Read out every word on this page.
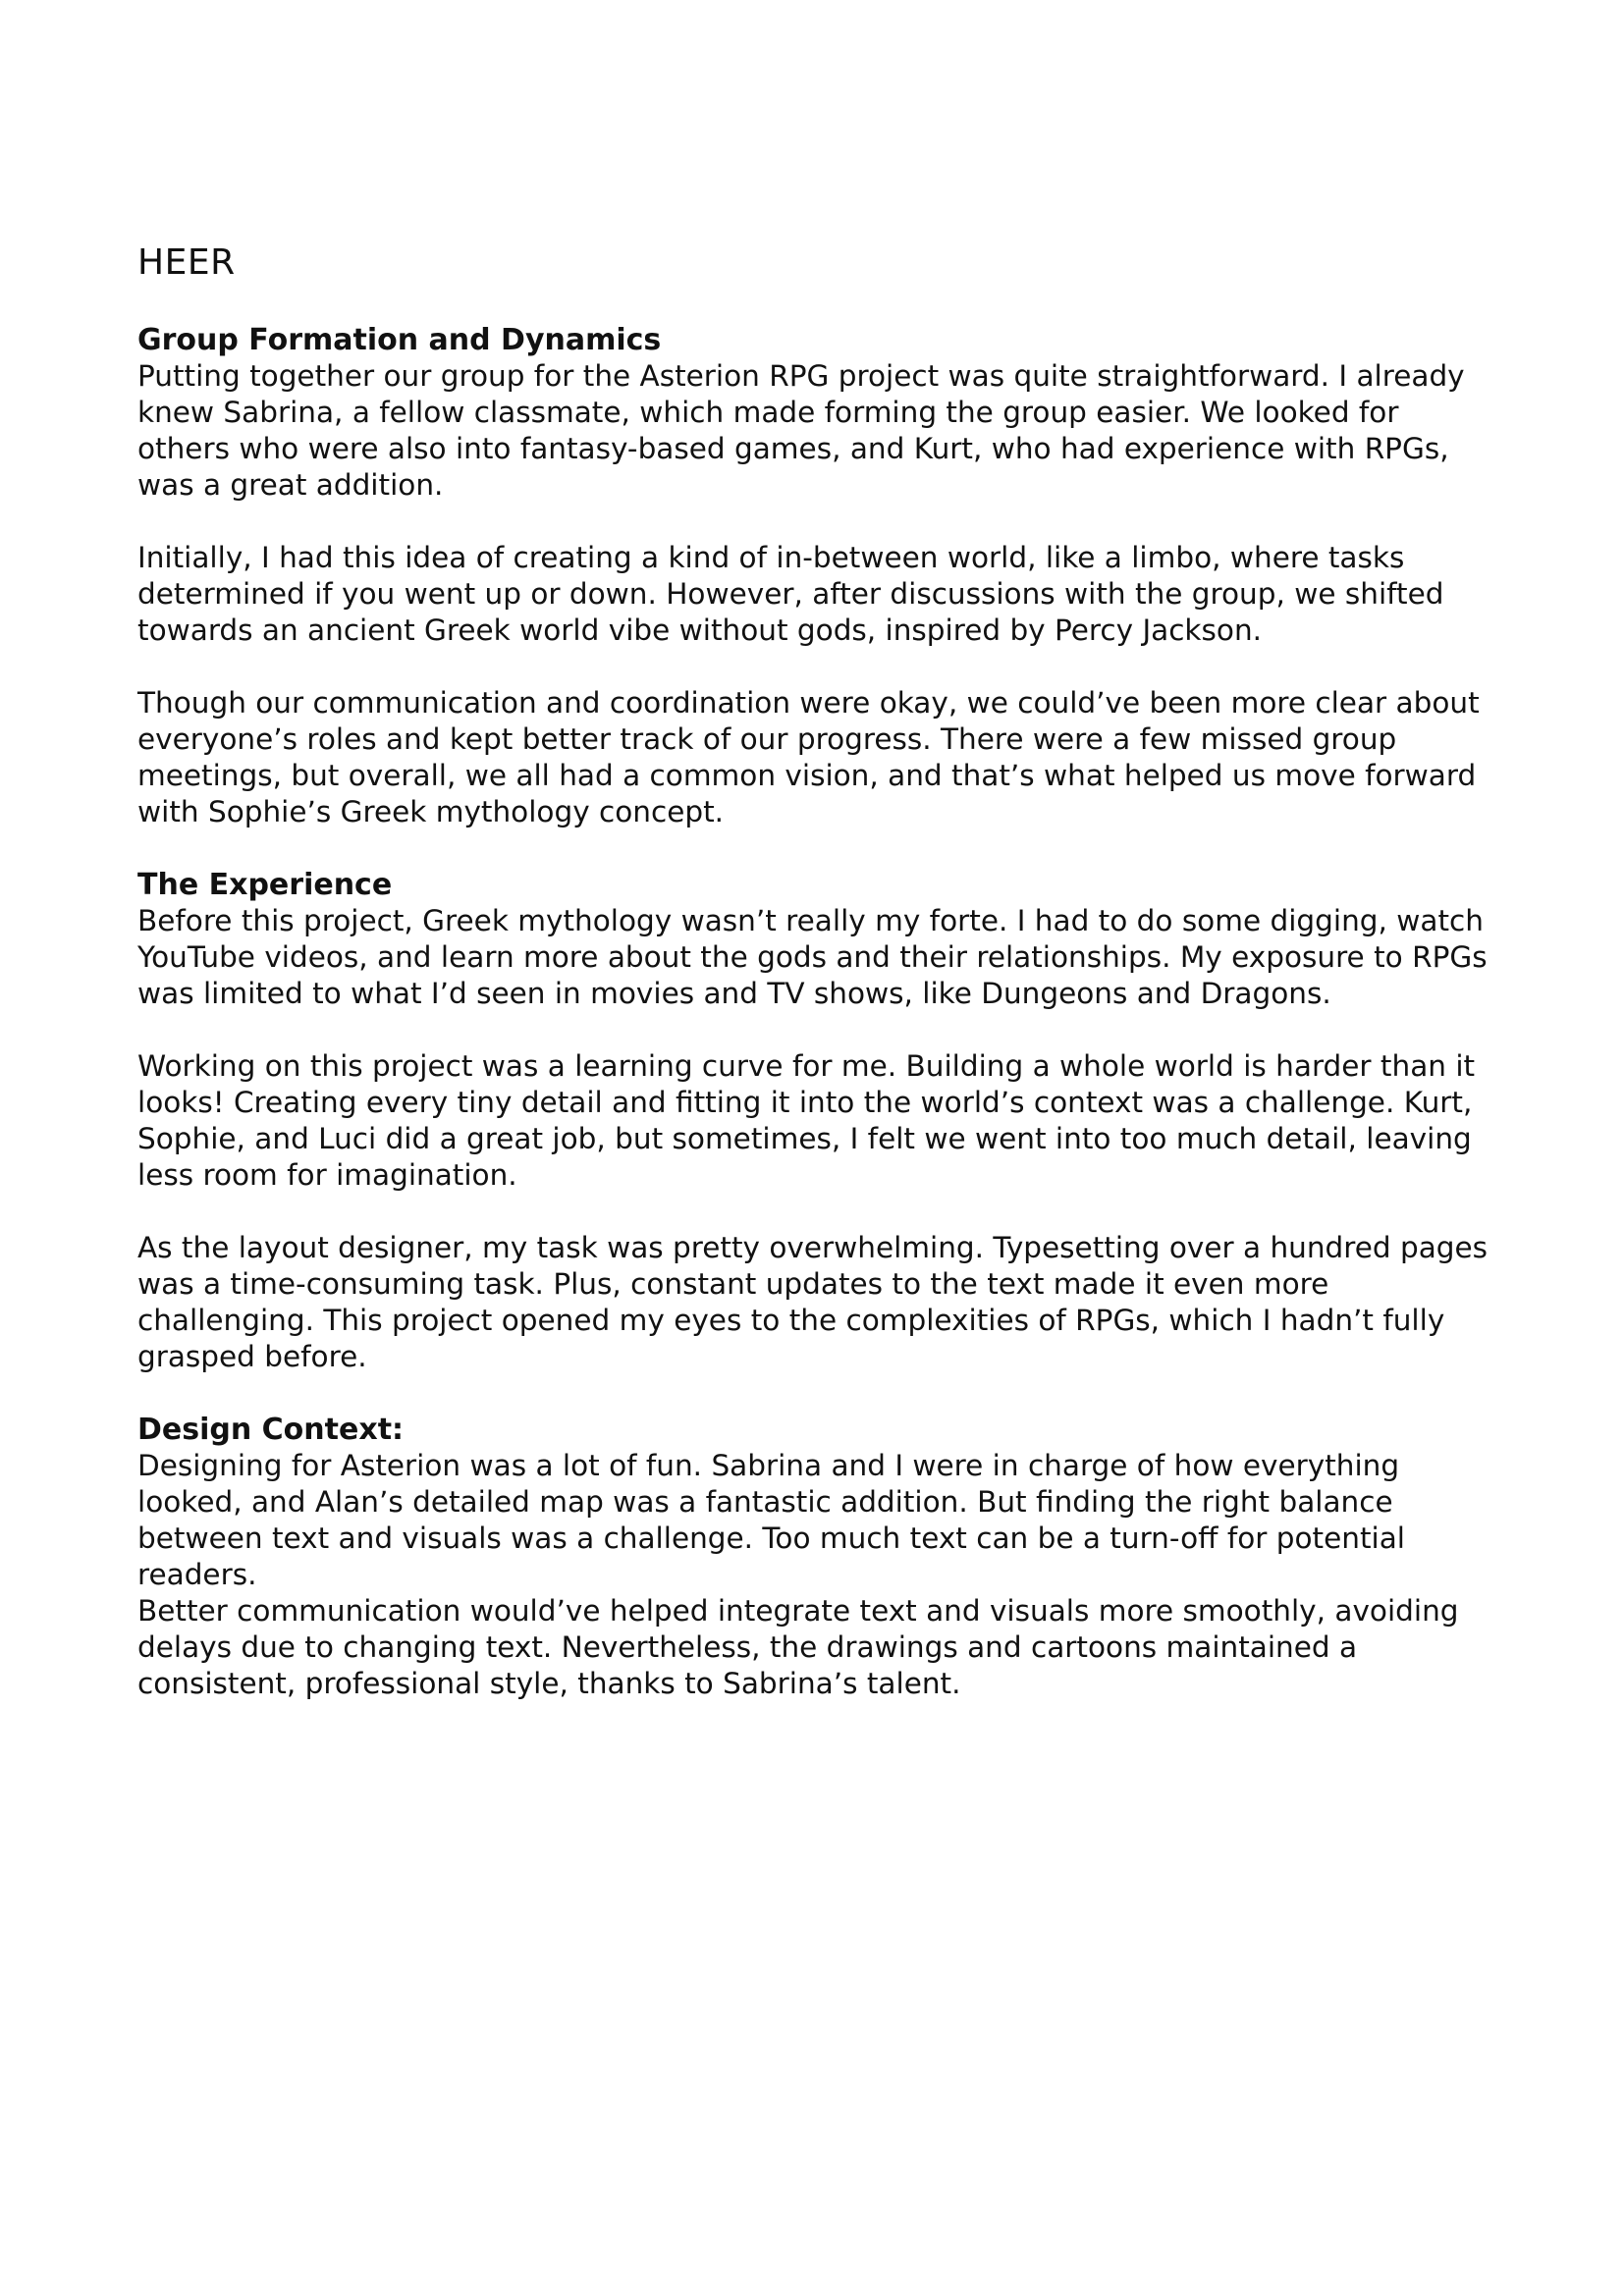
HEER
Group Formation and Dynamics

Putting together our group for the Asterion RPG project was quite straightforward. I already knew Sabrina, a fellow classmate, which made forming the group easier. We looked for others who were also into fantasy-based games, and Kurt, who had experience with RPGs, was a great addition.

Initially, I had this idea of creating a kind of in-between world, like a limbo, where tasks determined if you went up or down. However, after discussions with the group, we shifted towards an ancient Greek world vibe without gods, inspired by Percy Jackson.

Though our communication and coordination were okay, we could’ve been more clear about everyone’s roles and kept better track of our progress. There were a few missed group meetings, but overall, we all had a common vision, and that’s what helped us move forward with Sophie’s Greek mythology concept.

The Experience

Before this project, Greek mythology wasn’t really my forte. I had to do some digging, watch YouTube videos, and learn more about the gods and their relationships. My exposure to RPGs was limited to what I’d seen in movies and TV shows, like Dungeons and Dragons.

Working on this project was a learning curve for me. Building a whole world is harder than it looks! Creating every tiny detail and fitting it into the world’s context was a challenge. Kurt, Sophie, and Luci did a great job, but sometimes, I felt we went into too much detail, leaving less room for imagination.

As the layout designer, my task was pretty overwhelming. Typesetting over a hundred pages was a time-consuming task. Plus, constant updates to the text made it even more challenging. This project opened my eyes to the complexities of RPGs, which I hadn’t fully grasped before.

Design Context:

Designing for Asterion was a lot of fun. Sabrina and I were in charge of how everything looked, and Alan’s detailed map was a fantastic addition. But finding the right balance between text and visuals was a challenge. Too much text can be a turn-off for potential readers.

Better communication would’ve helped integrate text and visuals more smoothly, avoiding delays due to changing text. Nevertheless, the drawings and cartoons maintained a consistent, professional style, thanks to Sabrina’s talent.
